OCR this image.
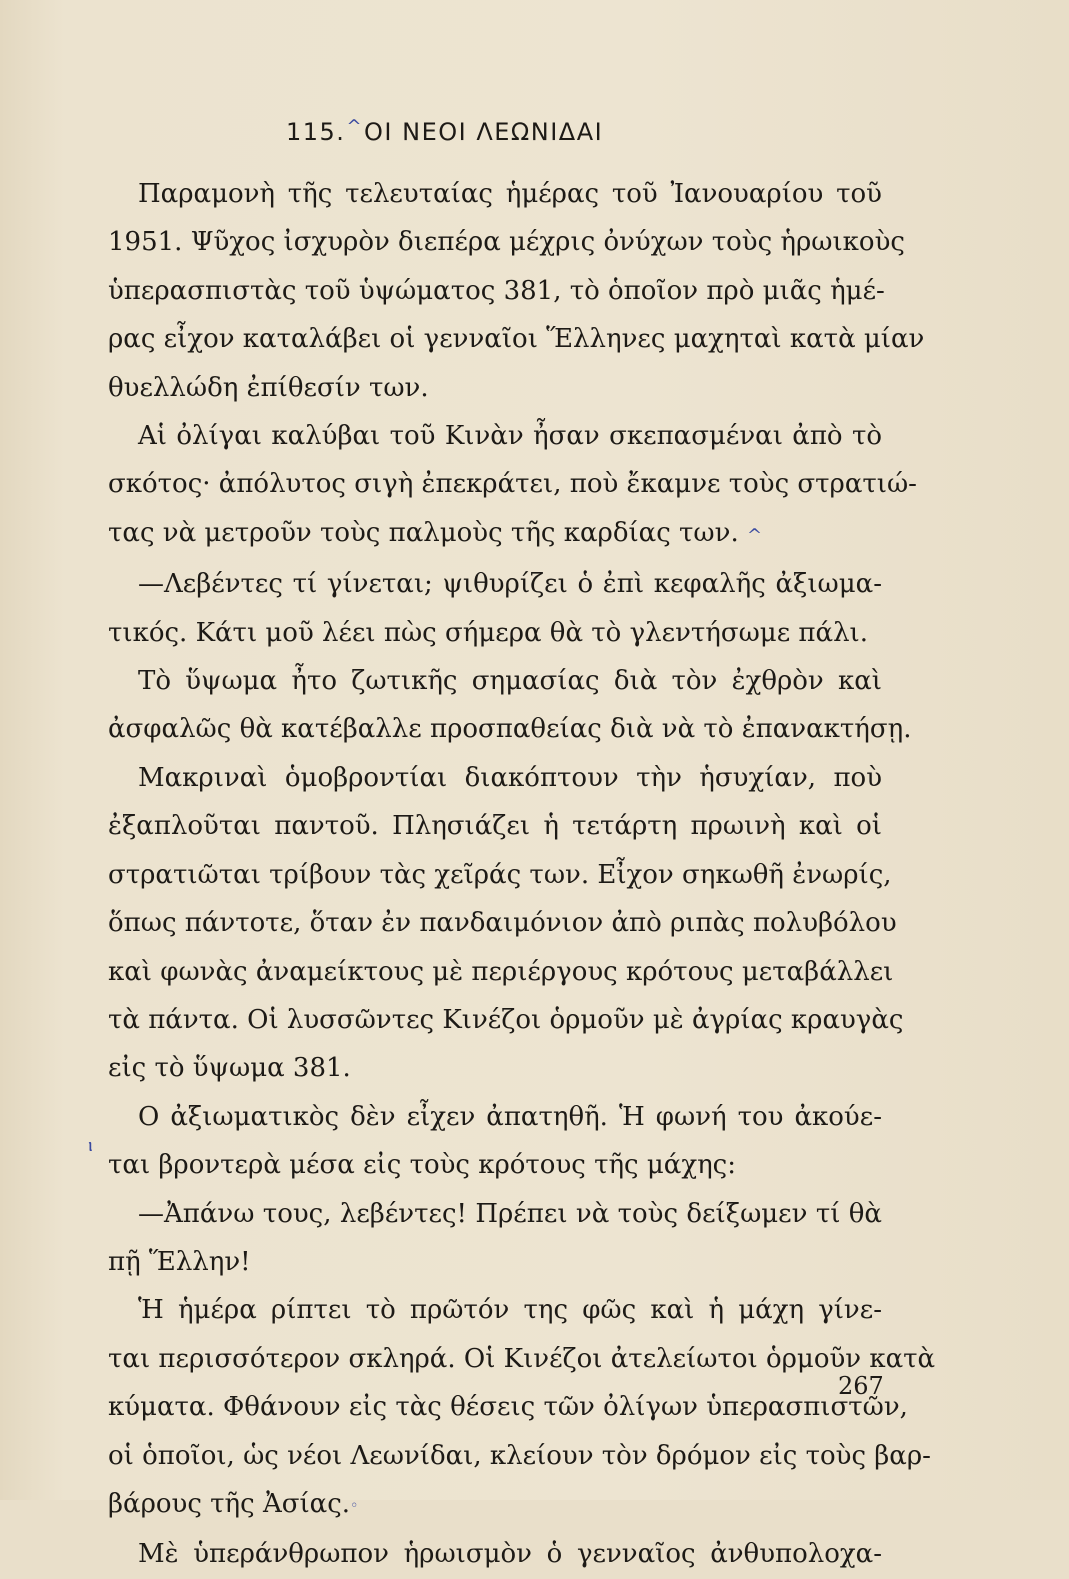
115.^ΟΙ ΝΕΟΙ ΛΕΩΝΙΔΑΙ
Παραμονὴ τῆς τελευταίας ἡμέρας τοῦ Ἰανουαρίου τοῦ
1951. Ψῦχος ἰσχυρὸν διεπέρα μέχρις ὀνύχων τοὺς ἡρωικοὺς
ὑπερασπιστὰς τοῦ ὑψώματος 381, τὸ ὁποῖον πρὸ μιᾶς ἡμέ-
ρας εἶχον καταλάβει οἱ γενναῖοι Ἕλληνες μαχηταὶ κατὰ μίαν
θυελλώδη ἐπίθεσίν των.
Αἱ ὀλίγαι καλύβαι τοῦ Κινὰν ἦσαν σκεπασμέναι ἀπὸ τὸ
σκότος· ἀπόλυτος σιγὴ ἐπεκράτει, ποὺ ἔκαμνε τοὺς στρατιώ-
τας νὰ μετροῦν τοὺς παλμοὺς τῆς καρδίας των. ^
—Λεβέντες τί γίνεται; ψιθυρίζει ὁ ἐπὶ κεφαλῆς ἀξιωμα-
τικός. Κάτι μοῦ λέει πὼς σήμερα θὰ τὸ γλεντήσωμε πάλι.
Τὸ ὕψωμα ἦτο ζωτικῆς σημασίας διὰ τὸν ἐχθρὸν καὶ
ἀσφαλῶς θὰ κατέβαλλε προσπαθείας διὰ νὰ τὸ ἐπανακτήσῃ.
Μακριναὶ ὁμοβροντίαι διακόπτουν τὴν ἡσυχίαν, ποὺ
ἐξαπλοῦται παντοῦ. Πλησιάζει ἡ τετάρτη πρωινὴ καὶ οἱ
στρατιῶται τρίβουν τὰς χεῖράς των. Εἶχον σηκωθῆ ἐνωρίς,
ὅπως πάντοτε, ὅταν ἐν πανδαιμόνιον ἀπὸ ριπὰς πολυβόλου
καὶ φωνὰς ἀναμείκτους μὲ περιέργους κρότους μεταβάλλει
τὰ πάντα. Οἱ λυσσῶντες Κινέζοι ὁρμοῦν μὲ ἀγρίας κραυγὰς
εἰς τὸ ὕψωμα 381.
Ο ἀξιωματικὸς δὲν εἶχεν ἀπατηθῆ. Ἡ φωνή του ἀκούε-
ται βροντερὰ μέσα εἰς τοὺς κρότους τῆς μάχης:
—Ἀπάνω τους, λεβέντες! Πρέπει νὰ τοὺς δείξωμεν τί θὰ
πῇ Ἕλλην!
Ἡ ἡμέρα ρίπτει τὸ πρῶτόν της φῶς καὶ ἡ μάχη γίνε-
ται περισσότερον σκληρά. Οἱ Κινέζοι ἀτελείωτοι ὁρμοῦν κατὰ
κύματα. Φθάνουν εἰς τὰς θέσεις τῶν ὀλίγων ὑπερασπιστῶν,
οἱ ὁποῖοι, ὡς νέοι Λεωνίδαι, κλείουν τὸν δρόμον εἰς τοὺς βαρ-
βάρους τῆς Ἀσίας.◦
Μὲ ὑπεράνθρωπον ἡρωισμὸν ὁ γενναῖος ἀνθυπολοχα-
ⲓ
267
